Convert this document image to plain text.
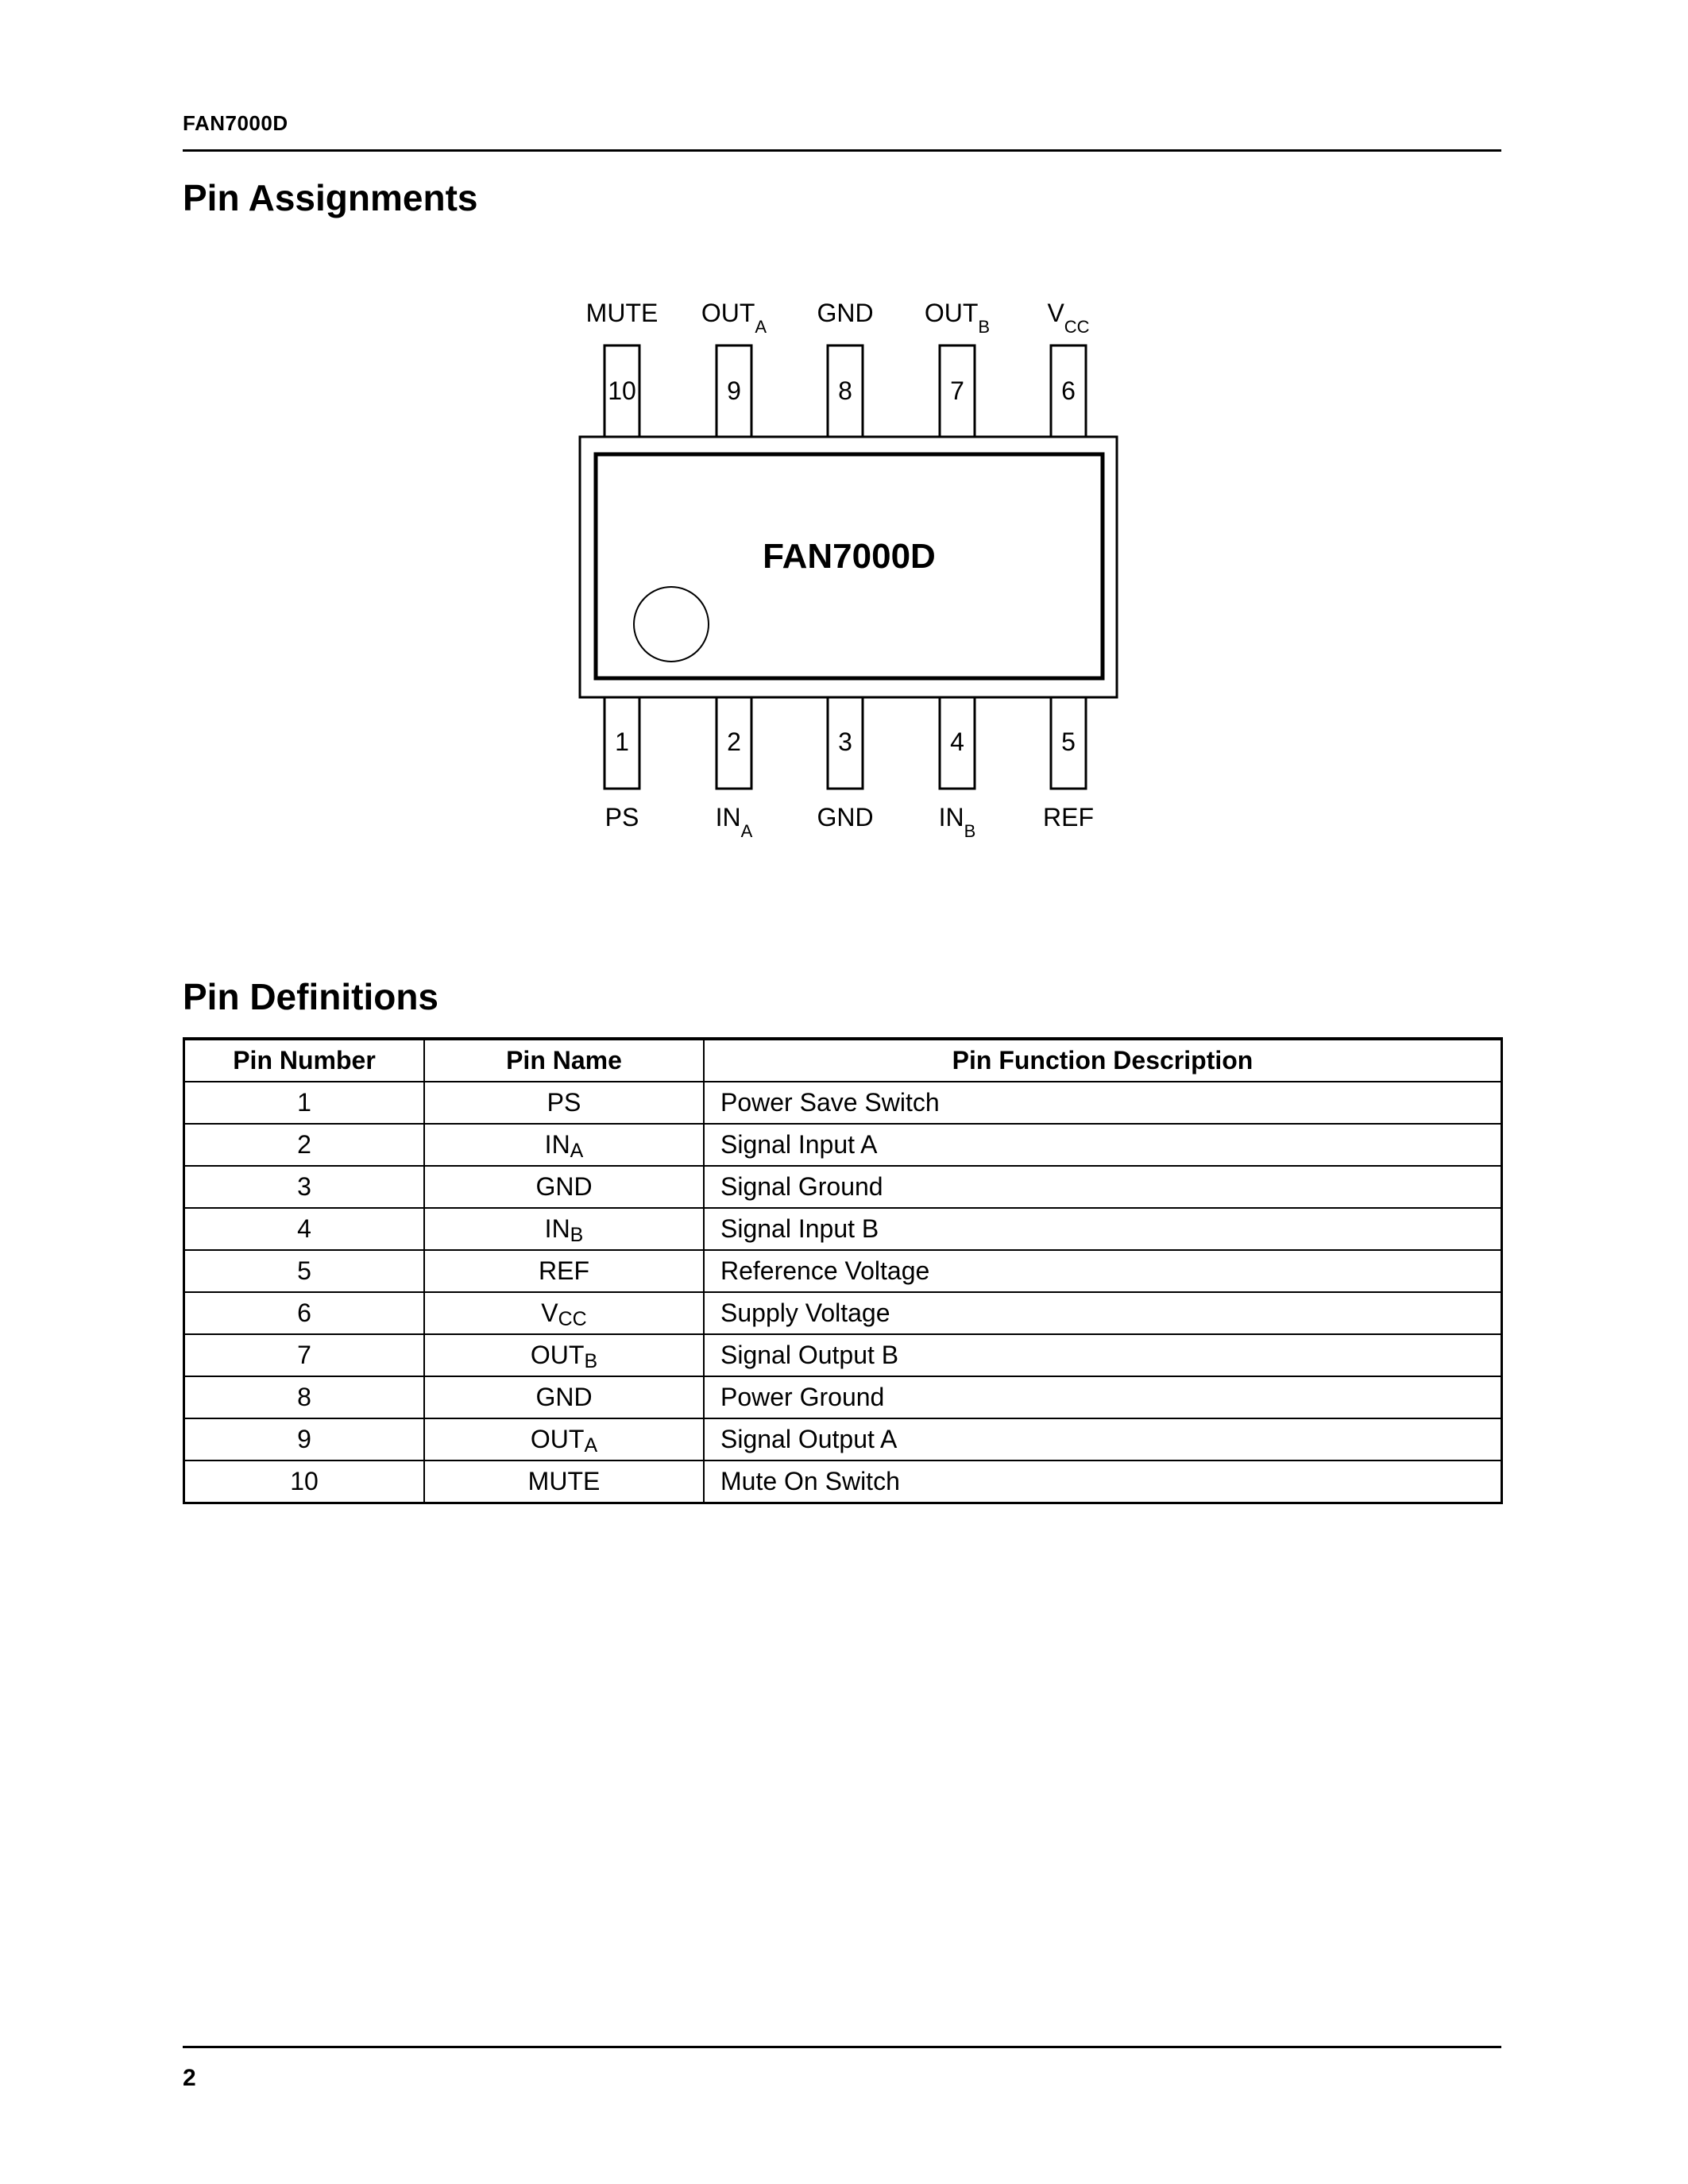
FAN7000D
Pin Assignments
FAN7000D
10
MUTE
9
$OUT_A$
8
GND
7
$OUT_B$
6
$V_{CC}$
1
PS
2
$IN_A$
3
GND
4
$IN_B$
5
REF
Pin Definitions
Pin Number	Pin Name	Pin Function Description
1	PS	Power Save Switch
2	INA	Signal Input A
3	GND	Signal Ground
4	INB	Signal Input B
5	REF	Reference Voltage
6	VCC	Supply Voltage
7	OUTB	Signal Output B
8	GND	Power Ground
9	OUTA	Signal Output A
10	MUTE	Mute On Switch
2
